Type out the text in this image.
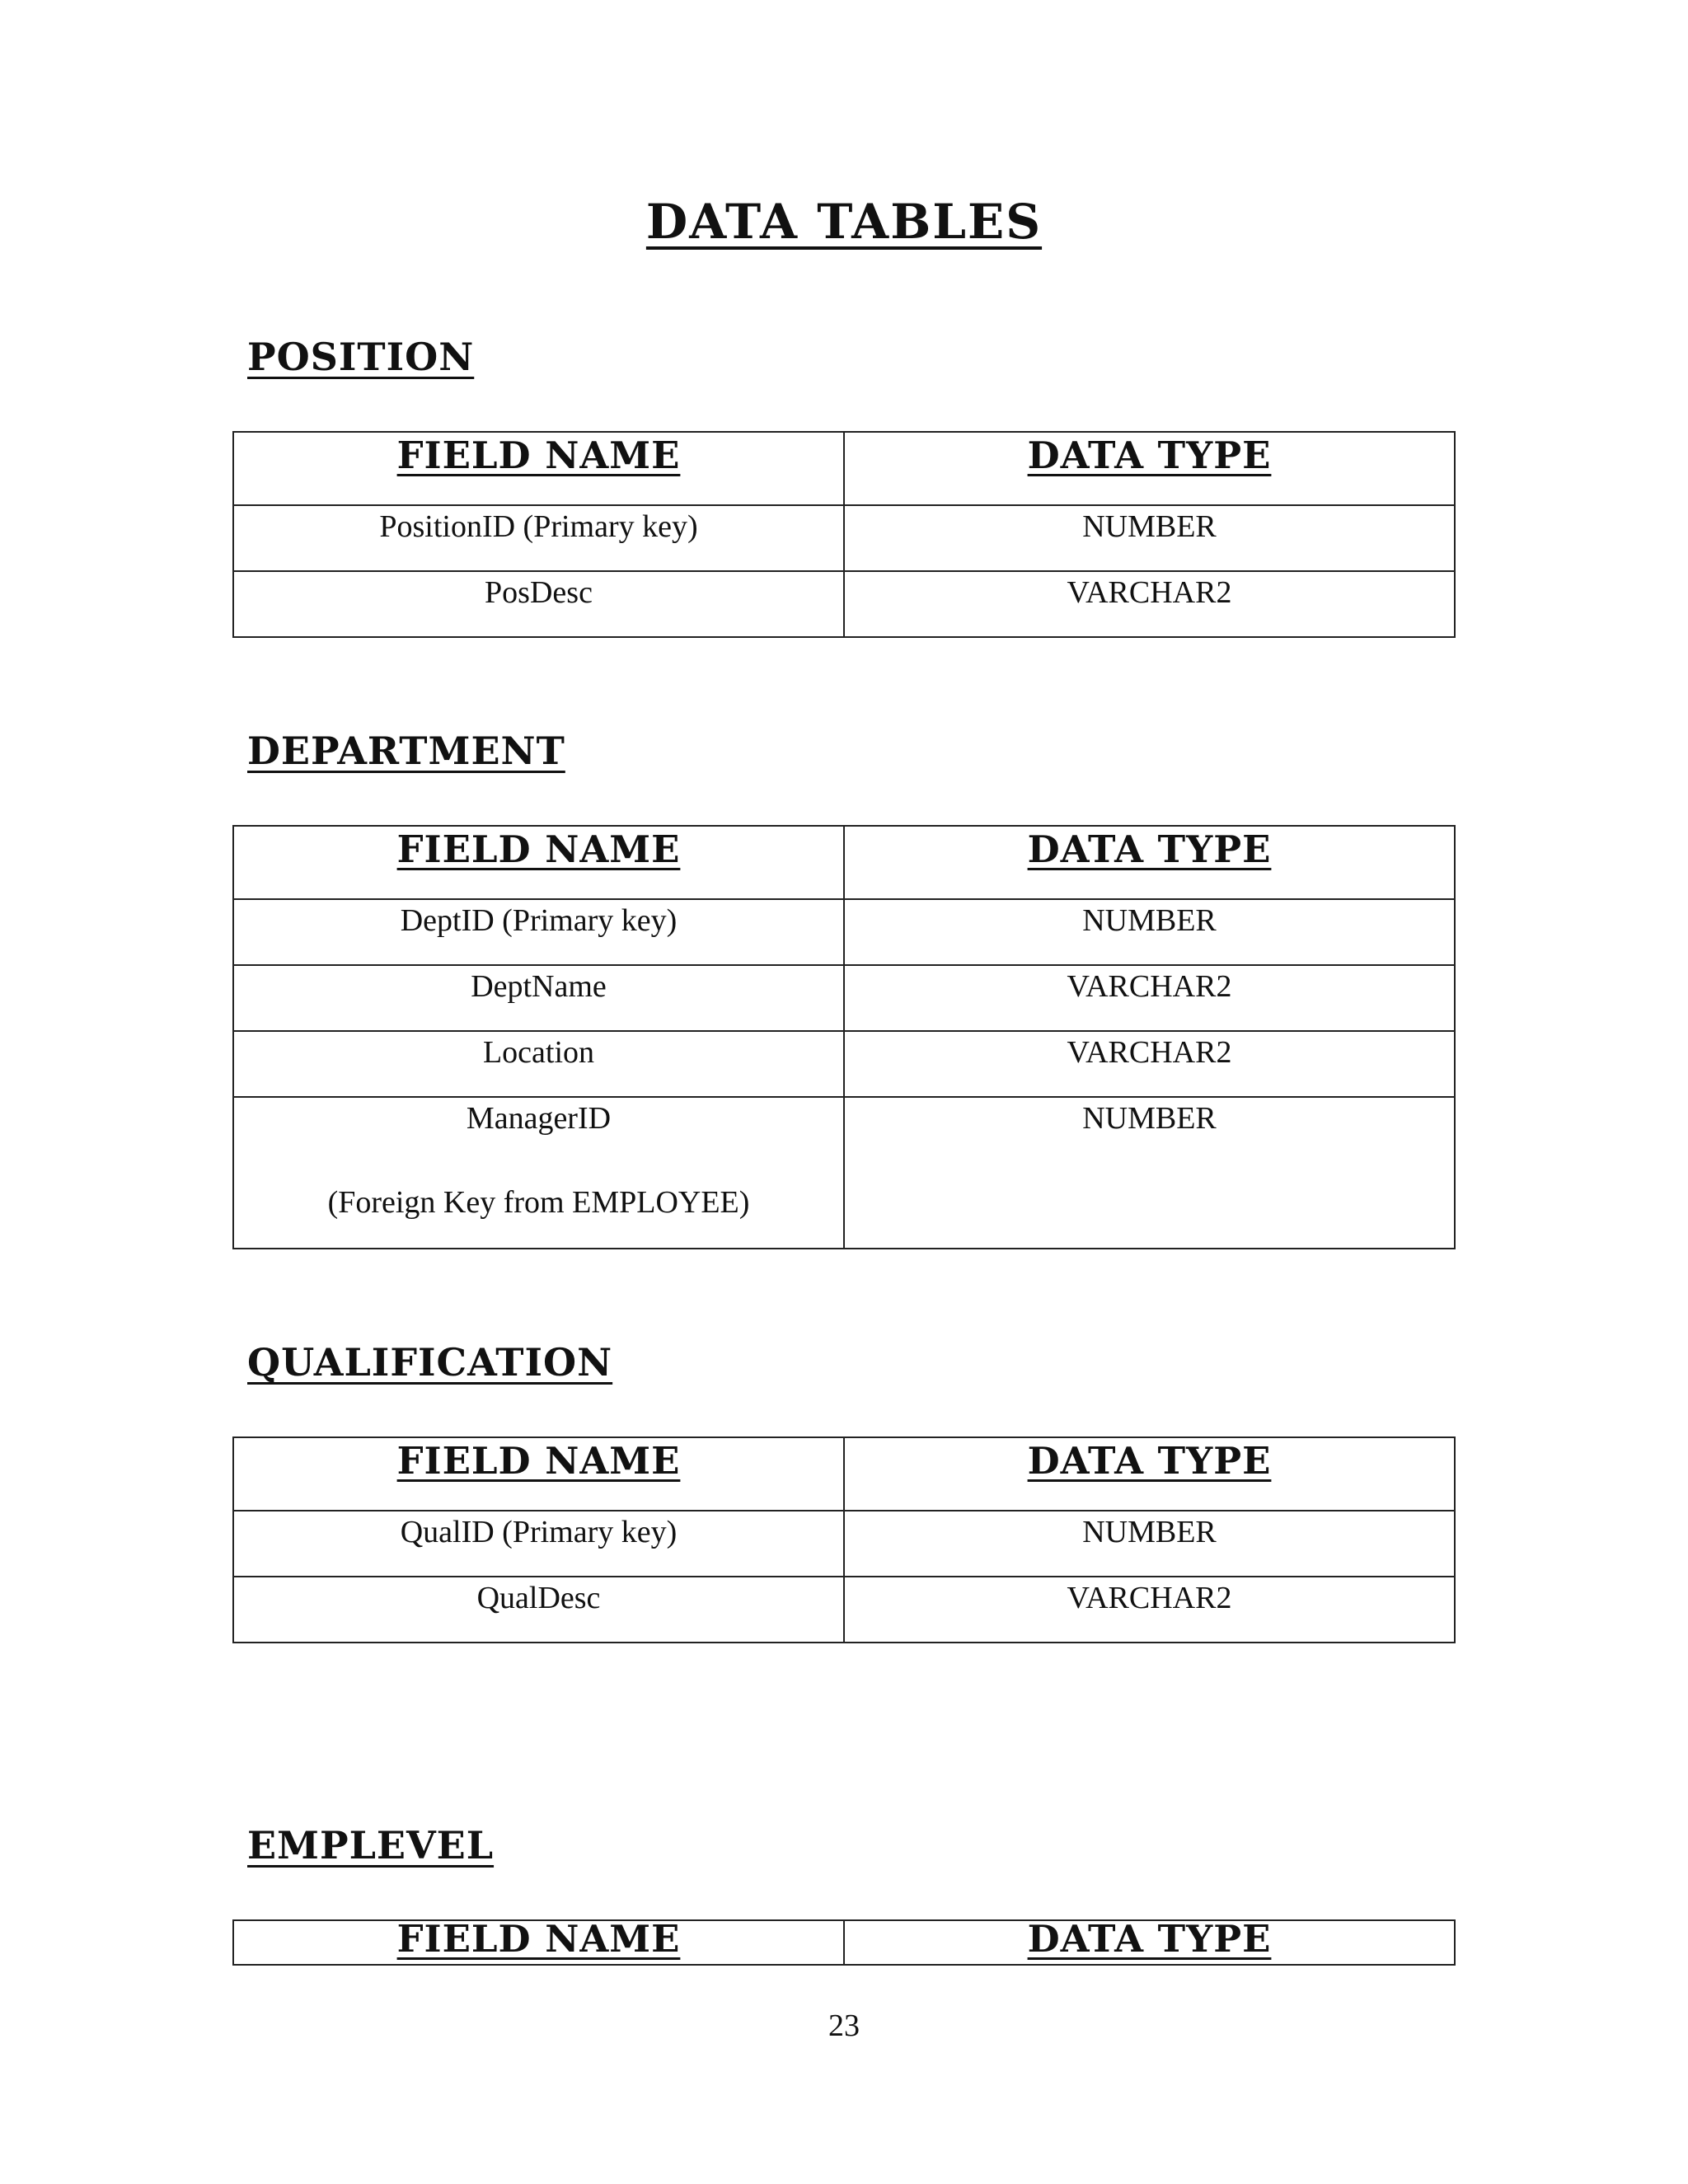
DATA TABLES
POSITION
FIELD NAME	DATA TYPE
PositionID (Primary key)	NUMBER
PosDesc	VARCHAR2
DEPARTMENT
FIELD NAME	DATA TYPE
DeptID (Primary key)	NUMBER
DeptName	VARCHAR2
Location	VARCHAR2
ManagerID
(Foreign Key from EMPLOYEE)	NUMBER
QUALIFICATION
FIELD NAME	DATA TYPE
QualID (Primary key)	NUMBER
QualDesc	VARCHAR2
EMPLEVEL
FIELD NAME	DATA TYPE
23
